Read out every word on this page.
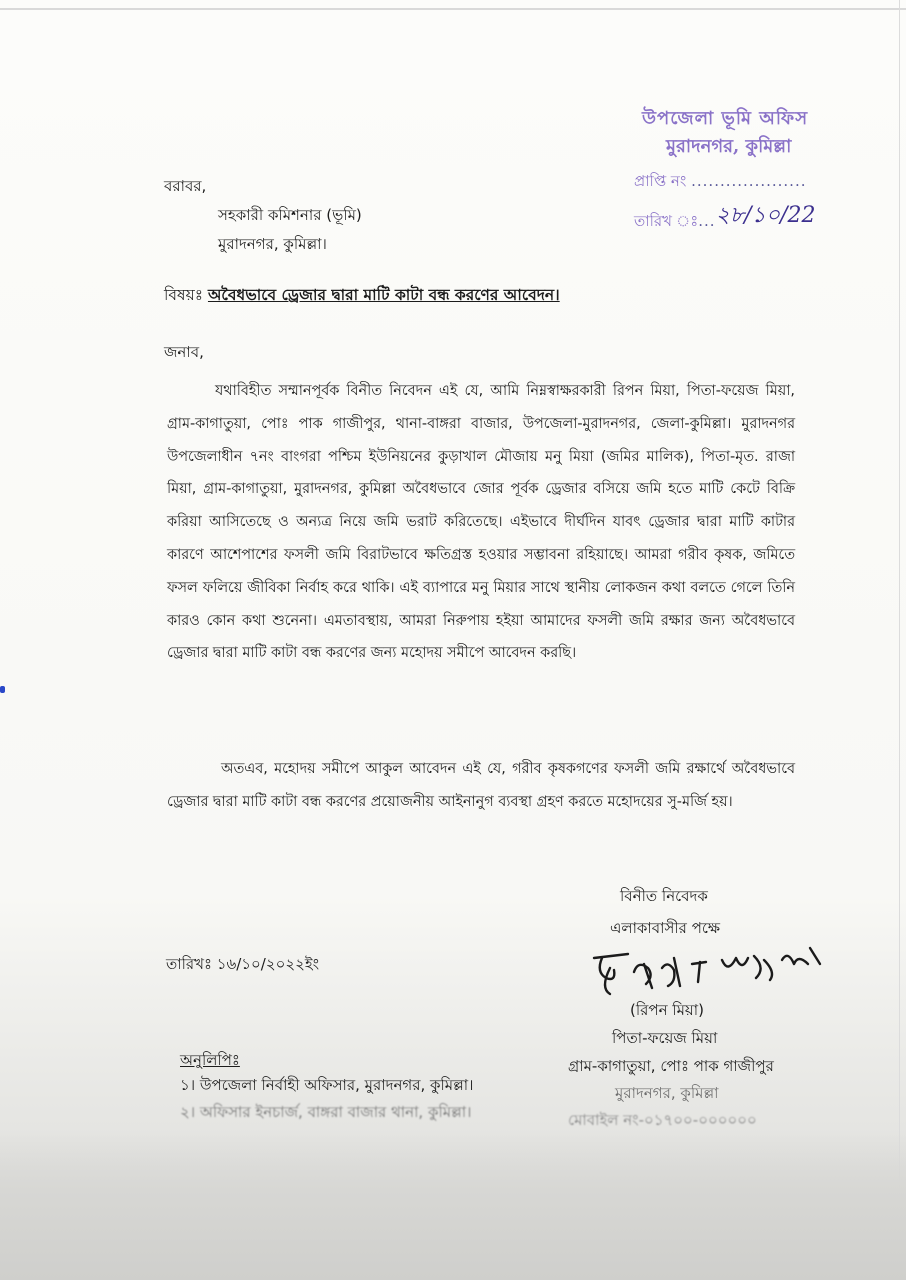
উপজেলা ভূমি অফিস
মুরাদনগর, কুমিল্লা
প্রাপ্তি নং ....................
তারিখ ঃ...২৮/১০/22
বরাবর,
সহকারী কমিশনার (ভূমি)
মুরাদনগর, কুমিল্লা।
বিষয়ঃ অবৈধভাবে ড্রেজার দ্বারা মাটি কাটা বন্ধ করণের আবেদন।
জনাব,
যথাবিহীত সম্মানপূর্বক বিনীত নিবেদন এই যে, আমি নিম্নস্বাক্ষরকারী রিপন মিয়া, পিতা-ফয়েজ মিয়া, গ্রাম-কাগাতুয়া, পোঃ পাক গাজীপুর, থানা-বাঙ্গরা বাজার, উপজেলা-মুরাদনগর, জেলা-কুমিল্লা। মুরাদনগর উপজেলাধীন ৭নং বাংগরা পশ্চিম ইউনিয়নের কুড়াখাল মৌজায় মনু মিয়া (জমির মালিক), পিতা-মৃত. রাজা মিয়া, গ্রাম-কাগাতুয়া, মুরাদনগর, কুমিল্লা অবৈধভাবে জোর পূর্বক ড্রেজার বসিয়ে জমি হতে মাটি কেটে বিক্রি করিয়া আসিতেছে ও অন্যত্র নিয়ে জমি ভরাট করিতেছে। এইভাবে দীর্ঘদিন যাবৎ ড্রেজার দ্বারা মাটি কাটার কারণে আশেপাশের ফসলী জমি বিরাটভাবে ক্ষতিগ্রস্ত হওয়ার সম্ভাবনা রহিয়াছে। আমরা গরীব কৃষক, জমিতে ফসল ফলিয়ে জীবিকা নির্বাহ করে থাকি। এই ব্যাপারে মনু মিয়ার সাথে স্থানীয় লোকজন কথা বলতে গেলে তিনি কারও কোন কথা শুনেনা। এমতাবস্থায়, আমরা নিরুপায় হইয়া আমাদের ফসলী জমি রক্ষার জন্য অবৈধভাবে ড্রেজার দ্বারা মাটি কাটা বন্ধ করণের জন্য মহোদয় সমীপে আবেদন করছি।
অতএব, মহোদয় সমীপে আকুল আবেদন এই যে, গরীব কৃষকগণের ফসলী জমি রক্ষার্থে অবৈধভাবে ড্রেজার দ্বারা মাটি কাটা বন্ধ করণের প্রয়োজনীয় আইনানুগ ব্যবস্থা গ্রহণ করতে মহোদয়ের সু-মর্জি হয়।
বিনীত নিবেদক
এলাকাবাসীর পক্ষে
(রিপন মিয়া)
পিতা-ফয়েজ মিয়া
গ্রাম-কাগাতুয়া, পোঃ পাক গাজীপুর
মুরাদনগর, কুমিল্লা
মোবাইল নং-০১৭০০-০০০০০০
তারিখঃ ১৬/১০/২০২২ইং
অনুলিপিঃ
১। উপজেলা নির্বাহী অফিসার, মুরাদনগর, কুমিল্লা।
২। অফিসার ইনচার্জ, বাঙ্গরা বাজার থানা, কুমিল্লা।
